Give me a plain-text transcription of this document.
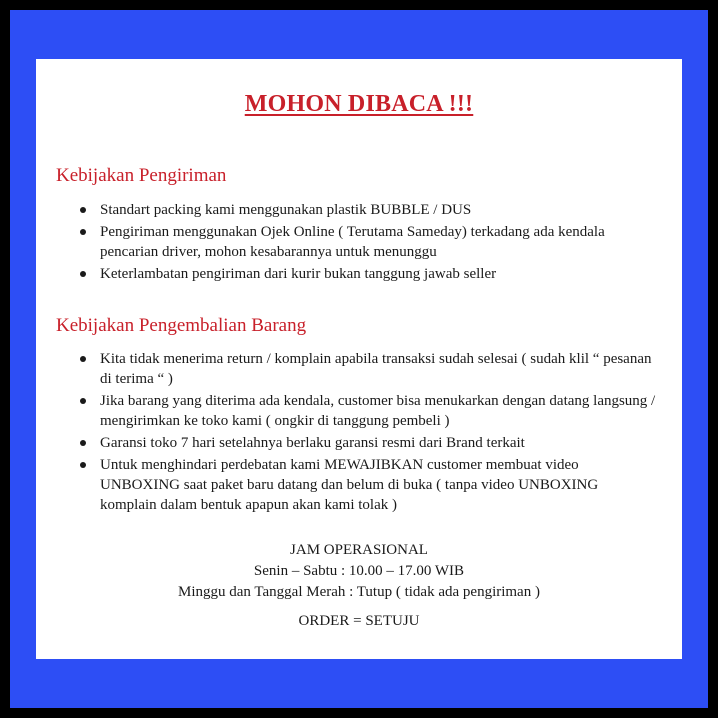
MOHON DIBACA !!!
Kebijakan Pengiriman
Standart packing kami menggunakan plastik BUBBLE / DUS
Pengiriman menggunakan Ojek Online ( Terutama Sameday) terkadang ada kendala pencarian driver, mohon kesabarannya untuk menunggu
Keterlambatan pengiriman dari kurir bukan tanggung jawab seller
Kebijakan Pengembalian Barang
Kita tidak menerima return / komplain apabila transaksi sudah selesai ( sudah klil “ pesanan di terima “ )
Jika barang yang diterima ada kendala, customer bisa menukarkan dengan datang langsung / mengirimkan ke toko kami ( ongkir di tanggung pembeli )
Garansi toko 7 hari setelahnya berlaku garansi resmi dari Brand terkait
Untuk menghindari perdebatan kami MEWAJIBKAN customer membuat video UNBOXING saat paket baru datang dan belum di buka ( tanpa video UNBOXING komplain dalam bentuk apapun akan kami tolak )
JAM OPERASIONAL
Senin – Sabtu : 10.00 – 17.00 WIB
Minggu dan Tanggal Merah : Tutup ( tidak ada pengiriman )
ORDER = SETUJU
